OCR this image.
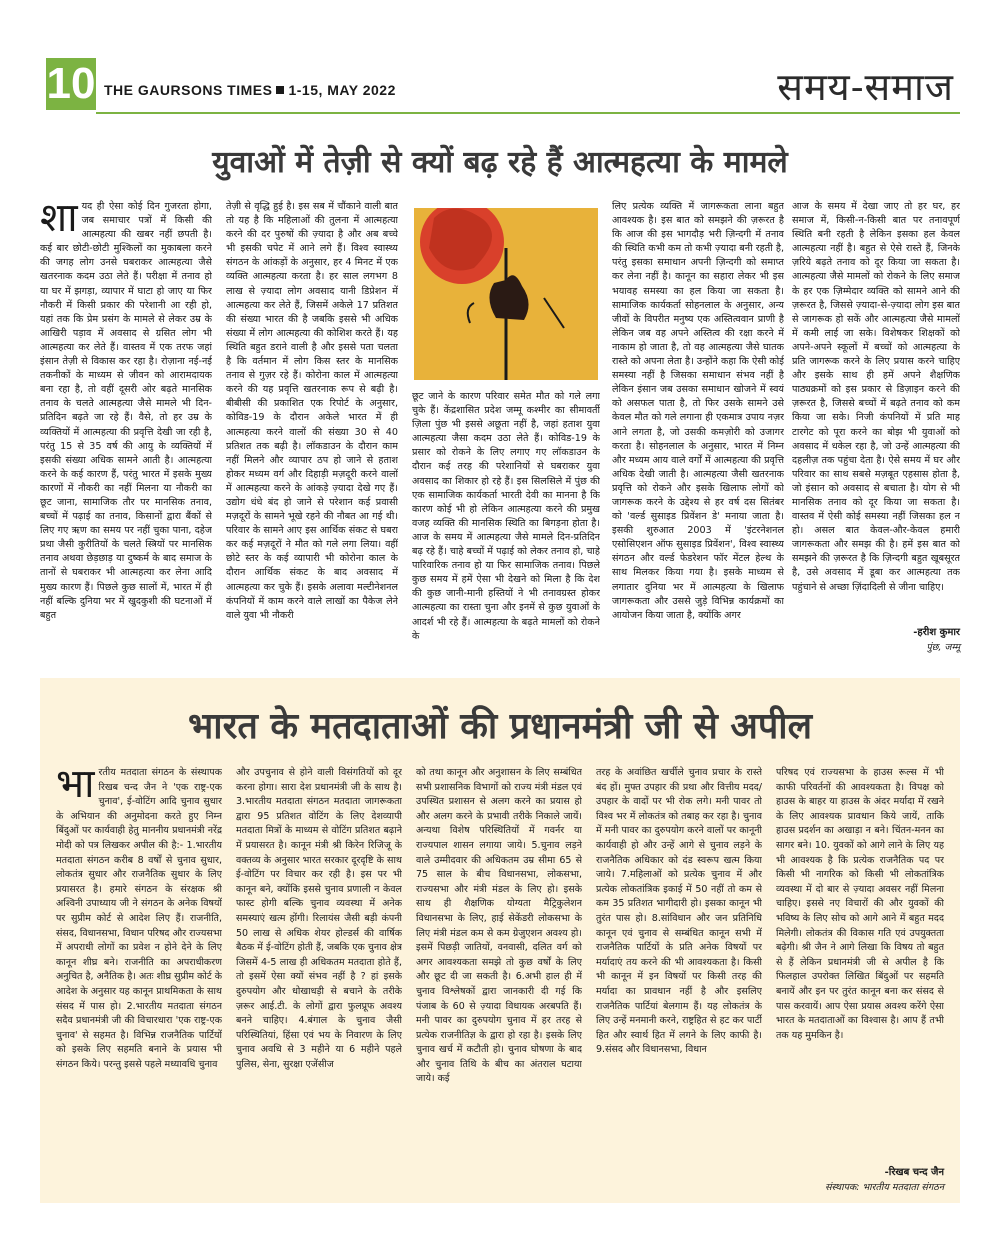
10 THE GAURSONS TIMES 1-15, MAY 2022	समय-समाज
युवाओं में तेज़ी से क्यों बढ़ रहे हैं आत्महत्या के मामले
शायद ही ऐसा कोई दिन गुजरता होगा, जब समाचार पत्रों में किसी की आत्महत्या की खबर नहीं छपती है। कई बार छोटी-छोटी मुश्किलों का मुकाबला करने की जगह लोग उनसे घबराकर आत्महत्या जैसे खतरनाक कदम उठा लेते हैं। परीक्षा में तनाव हो या घर में झगड़ा, व्यापार में घाटा हो जाए या फिर नौकरी में किसी प्रकार की परेशानी आ रही हो, यहां तक कि प्रेम प्रसंग के मामले से लेकर उम्र के आखिरी पड़ाव में अवसाद से ग्रसित लोग भी आत्महत्या कर लेते हैं। वास्तव में एक तरफ जहां इंसान तेज़ी से विकास कर रहा है। रोज़ाना नई-नई तकनीकों के माध्यम से जीवन को आरामदायक बना रहा है, तो वहीं दूसरी ओर बढ़ते मानसिक तनाव के चलते आत्महत्या जैसे मामले भी दिन-प्रतिदिन बढ़ते जा रहे हैं। वैसे, तो हर उम्र के व्यक्तियों में आत्महत्या की प्रवृत्ति देखी जा रही है, परंतु 15 से 35 वर्ष की आयु के व्यक्तियों में इसकी संख्या अधिक सामने आती है। आत्महत्या करने के कई कारण हैं, परंतु भारत में इसके मुख्य कारणों में नौकरी का नहीं मिलना या नौकरी का छूट जाना, सामाजिक तौर पर मानसिक तनाव, बच्चों में पढ़ाई का तनाव, किसानों द्वारा बैंकों से लिए गए ऋण का समय पर नहीं चुका पाना, दहेज प्रथा जैसी कुरीतियों के चलते स्त्रियों पर मानसिक तनाव अथवा छेड़छाड़ या दुष्कर्म के बाद समाज के तानों से घबराकर भी आत्महत्या कर लेना आदि मुख्य कारण हैं। पिछले कुछ सालों में, भारत में ही नहीं बल्कि दुनिया भर में खुदकुशी की घटनाओं में बहुत
तेज़ी से वृद्धि हुई है। इस सब में चौंकाने वाली बात तो यह है कि महिलाओं की तुलना में आत्महत्या करने की दर पुरुषों की ज़्यादा है और अब बच्चे भी इसकी चपेट में आने लगे हैं। विश्व स्वास्थ्य संगठन के आंकड़ों के अनुसार, हर 4 मिनट में एक व्यक्ति आत्महत्या करता है। हर साल लगभग 8 लाख से ज़्यादा लोग अवसाद यानी डिप्रेशन में आत्महत्या कर लेते हैं, जिसमें अकेले 17 प्रतिशत की संख्या भारत की है जबकि इससे भी अधिक संख्या में लोग आत्महत्या की कोशिश करते हैं। यह स्थिति बहुत डराने वाली है और इससे पता चलता है कि वर्तमान में लोग किस स्तर के मानसिक तनाव से गुज़र रहे हैं। कोरोना काल में आत्महत्या करने की यह प्रवृत्ति खतरनाक रूप से बढ़ी है। बीबीसी की प्रकाशित एक रिपोर्ट के अनुसार, कोविड-19 के दौरान अकेले भारत में ही आत्महत्या करने वालों की संख्या 30 से 40 प्रतिशत तक बढ़ी है। लॉकडाउन के दौरान काम नहीं मिलने और व्यापार ठप हो जाने से हताश होकर मध्यम वर्ग और दिहाड़ी मज़दूरी करने वालों में आत्महत्या करने के आंकड़े ज़्यादा देखे गए हैं। उद्योग धंधे बंद हो जाने से परेशान कई प्रवासी मज़दूरों के सामने भूखे रहने की नौबत आ गई थी। परिवार के सामने आए इस आर्थिक संकट से घबरा कर कई मज़दूरों ने मौत को गले लगा लिया। वहीं छोटे स्तर के कई व्यापारी भी कोरोना काल के दौरान आर्थिक संकट के बाद अवसाद में आत्महत्या कर चुके हैं। इसके अलावा मल्टीनेशनल कंपनियों में काम करने वाले लाखों का पैकेज लेने वाले युवा भी नौकरी
छूट जाने के कारण परिवार समेत मौत को गले लगा चुके हैं। केंद्रशासित प्रदेश जम्मू कश्मीर का सीमावर्ती ज़िला पुंछ भी इससे अछूता नहीं है, जहां हताश युवा आत्महत्या जैसा कदम उठा लेते हैं। कोविड-19 के प्रसार को रोकने के लिए लगाए गए लॉकडाउन के दौरान कई तरह की परेशानियों से घबराकर युवा अवसाद का शिकार हो रहे हैं। इस सिलसिले में पुंछ की एक सामाजिक कार्यकर्ता भारती देवी का मानना है कि कारण कोई भी हो लेकिन आत्महत्या करने की प्रमुख वजह व्यक्ति की मानसिक स्थिति का बिगड़ना होता है। आज के समय में आत्महत्या जैसे मामले दिन-प्रतिदिन बढ़ रहे हैं। चाहे बच्चों में पढ़ाई को लेकर तनाव हो, चाहे पारिवारिक तनाव हो या फिर सामाजिक तनाव। पिछले कुछ समय में हमें ऐसा भी देखने को मिला है कि देश की कुछ जानी-मानी हस्तियों ने भी तनावग्रस्त होकर आत्महत्या का रास्ता चुना और इनमें से कुछ युवाओं के आदर्श भी रहे हैं। आत्महत्या के बढ़ते मामलों को रोकने के
लिए प्रत्येक व्यक्ति में जागरूकता लाना बहुत आवश्यक है। इस बात को समझने की ज़रूरत है कि आज की इस भागदौड़ भरी ज़िन्दगी में तनाव की स्थिति कभी कम तो कभी ज़्यादा बनी रहती है, परंतु इसका समाधान अपनी ज़िन्दगी को समाप्त कर लेना नहीं है। कानून का सहारा लेकर भी इस भयावह समस्या का हल किया जा सकता है। सामाजिक कार्यकर्ता सोहनलाल के अनुसार, अन्य जीवों के विपरीत मनुष्य एक अस्तित्ववान प्राणी है लेकिन जब वह अपने अस्तित्व की रक्षा करने में नाकाम हो जाता है, तो वह आत्महत्या जैसे घातक रास्ते को अपना लेता है। उन्होंने कहा कि ऐसी कोई समस्या नहीं है जिसका समाधान संभव नहीं है लेकिन इंसान जब उसका समाधान खोजने में स्वयं को असफल पाता है, तो फिर उसके सामने उसे केवल मौत को गले लगाना ही एकमात्र उपाय नज़र आने लगता है, जो उसकी कमज़ोरी को उजागर करता है। सोहनलाल के अनुसार, भारत में निम्न और मध्यम आय वाले वर्गों में आत्महत्या की प्रवृत्ति अधिक देखी जाती है। आत्महत्या जैसी खतरनाक प्रवृत्ति को रोकने और इसके खिलाफ लोगों को जागरूक करने के उद्देश्य से हर वर्ष दस सितंबर को 'वर्ल्ड सुसाइड प्रिवेंशन डे' मनाया जाता है। इसकी शुरुआत 2003 में 'इंटरनेशनल एसोसिएशन ऑफ सुसाइड प्रिवेंशन', विश्व स्वास्थ्य संगठन और वर्ल्ड फेडरेशन फॉर मेंटल हेल्थ के साथ मिलकर किया गया है। इसके माध्यम से लगातार दुनिया भर में आत्महत्या के खिलाफ जागरूकता और उससे जुड़े विभिन्न कार्यक्रमों का आयोजन किया जाता है, क्योंकि अगर
आज के समय में देखा जाए तो हर घर, हर समाज में, किसी-न-किसी बात पर तनावपूर्ण स्थिति बनी रहती है लेकिन इसका हल केवल आत्महत्या नहीं है। बहुत से ऐसे रास्ते हैं, जिनके ज़रिये बढ़ते तनाव को दूर किया जा सकता है। आत्महत्या जैसे मामलों को रोकने के लिए समाज के हर एक ज़िम्मेदार व्यक्ति को सामने आने की ज़रूरत है, जिससे ज़्यादा-से-ज़्यादा लोग इस बात से जागरूक हो सकें और आत्महत्या जैसे मामलों में कमी लाई जा सके। विशेषकर शिक्षकों को अपने-अपने स्कूलों में बच्चों को आत्महत्या के प्रति जागरूक करने के लिए प्रयास करने चाहिए और इसके साथ ही हमें अपने शैक्षणिक पाठ्यक्रमों को इस प्रकार से डिज़ाइन करने की ज़रूरत है, जिससे बच्चों में बढ़ते तनाव को कम किया जा सके। निजी कंपनियों में प्रति माह टारगेट को पूरा करने का बोझ भी युवाओं को अवसाद में धकेल रहा है, जो उन्हें आत्महत्या की दहलीज़ तक पहुंचा देता है। ऐसे समय में घर और परिवार का साथ सबसे मज़बूत एहसास होता है, जो इंसान को अवसाद से बचाता है। योग से भी मानसिक तनाव को दूर किया जा सकता है। वास्तव में ऐसी कोई समस्या नहीं जिसका हल न हो। असल बात केवल-और-केवल हमारी जागरूकता और समझ की है। हमें इस बात को समझने की ज़रूरत है कि ज़िन्दगी बहुत खूबसूरत है, उसे अवसाद में डूबा कर आत्महत्या तक पहुंचाने से अच्छा ज़िंदादिली से जीना चाहिए।
-हरीश कुमार
पुंछ, जम्मू
भारत के मतदाताओं की प्रधानमंत्री जी से अपील
भारतीय मतदाता संगठन के संस्थापक रिखब चन्द जैन ने 'एक राष्ट्र-एक चुनाव', ई-वोटिंग आदि चुनाव सुधार के अभियान की अनुमोदना करते हुए निम्न बिंदुओं पर कार्यवाही हेतु माननीय प्रधानमंत्री नरेंद्र मोदी को पत्र लिखकर अपील की है:- 1.भारतीय मतदाता संगठन करीब 8 वर्षों से चुनाव सुधार, लोकतंत्र सुधार और राजनैतिक सुधार के लिए प्रयासरत है। हमारे संगठन के संरक्षक श्री अश्विनी उपाध्याय जी ने संगठन के अनेक विषयों पर सुप्रीम कोर्ट से आदेश लिए हैं। राजनीति, संसद, विधानसभा, विधान परिषद और राज्यसभा में अपराधी लोगों का प्रवेश न होने देने के लिए कानून शीघ्र बने। राजनीति का अपराधीकरण अनुचित है, अनैतिक है। अतः शीघ्र सुप्रीम कोर्ट के आदेश के अनुसार यह कानून प्राथमिकता के साथ संसद में पास हो। 2.भारतीय मतदाता संगठन सदैव प्रधानमंत्री जी की विचारधारा 'एक राष्ट्र-एक चुनाव' से सहमत है। विभिन्न राजनैतिक पार्टियों को इसके लिए सहमति बनाने के प्रयास भी संगठन किये। परन्तु इससे पहले मध्यावधि चुनाव
और उपचुनाव से होने वाली विसंगतियों को दूर करना होगा। सारा देश प्रधानमंत्री जी के साथ है। 3.भारतीय मतदाता संगठन मतदाता जागरूकता द्वारा 95 प्रतिशत वोटिंग के लिए देशव्यापी मतदाता मित्रों के माध्यम से वोटिंग प्रतिशत बढ़ाने में प्रयासरत है। कानून मंत्री श्री किरेन रिजिजू के वक्तव्य के अनुसार भारत सरकार दूरदृष्टि के साथ ई-वोटिंग पर विचार कर रही है। इस पर भी कानून बने, क्योंकि इससे चुनाव प्रणाली न केवल फास्ट होगी बल्कि चुनाव व्यवस्था में अनेक समस्याएं खत्म होंगी। रिलायंस जैसी बड़ी कंपनी 50 लाख से अधिक शेयर होल्डर्स की वार्षिक बैठक में ई-वोटिंग होती हैं, जबकि एक चुनाव क्षेत्र जिसमें 4-5 लाख ही अधिकतम मतदाता होते हैं, तो इसमें ऐसा क्यों संभव नहीं है ? हां इसके दुरुपयोग और धोखाधड़ी से बचाने के तरीके ज़रूर आई.टी. के लोगों द्वारा फुलप्रूफ अवश्य बनने चाहिए। 4.बंगाल के चुनाव जैसी परिस्थितियां, हिंसा एवं भय के निवारण के लिए चुनाव अवधि से 3 महीने या 6 महीने पहले पुलिस, सेना, सुरक्षा एजेंसीज
को तथा कानून और अनुशासन के लिए सम्बंधित सभी प्रशासनिक विभागों को राज्य मंत्री मंडल एवं उपस्थित प्रशासन से अलग करने का प्रयास हो और अलग करने के प्रभावी तरीके निकाले जायें। अन्यथा विशेष परिस्थितियों में गवर्नर या राज्यपाल शासन लगाया जाये। 5.चुनाव लड़ने वाले उम्मीदवार की अधिकतम उम्र सीमा 65 से 75 साल के बीच विधानसभा, लोकसभा, राज्यसभा और मंत्री मंडल के लिए हो। इसके साथ ही शैक्षणिक योग्यता मैट्रिकुलेशन विधानसभा के लिए, हाई सेकेंडरी लोकसभा के लिए मंत्री मंडल कम से कम ग्रेजुएशन अवश्य हो। इसमें पिछड़ी जातियों, वनवासी, दलित वर्ग को अगर आवश्यकता समझे तो कुछ वर्षों के लिए और छूट दी जा सकती है। 6.अभी हाल ही में चुनाव विश्लेषकों द्वारा जानकारी दी गई कि पंजाब के 60 से ज़्यादा विधायक अरबपति हैं। मनी पावर का दुरुपयोग चुनाव में हर तरह से प्रत्येक राजनीतिज्ञ के द्वारा हो रहा है। इसके लिए चुनाव खर्च में कटौती हो। चुनाव घोषणा के बाद और चुनाव तिथि के बीच का अंतराल घटाया जाये। कई
तरह के अवांछित खर्चीले चुनाव प्रचार के रास्ते बंद हों। मुफ्त उपहार की प्रथा और वित्तीय मदद/उपहार के वादों पर भी रोक लगे। मनी पावर तो विश्व भर में लोकतंत्र को तबाह कर रहा है। चुनाव में मनी पावर का दुरुपयोग करने वालों पर कानूनी कार्यवाही हो और उन्हें आगे से चुनाव लड़ने के राजनैतिक अधिकार को दंड स्वरूप खत्म किया जाये। 7.महिलाओं को प्रत्येक चुनाव में और प्रत्येक लोकतांत्रिक इकाई में 50 नहीं तो कम से कम 35 प्रतिशत भागीदारी हो। इसका कानून भी तुरंत पास हो। 8.सांविधान और जन प्रतिनिधि कानून एवं चुनाव से सम्बंधित कानून सभी में राजनैतिक पार्टियों के प्रति अनेक विषयों पर मर्यादाएं तय करने की भी आवश्यकता है। किसी भी कानून में इन विषयों पर किसी तरह की मर्यादा का प्रावधान नहीं है और इसलिए राजनैतिक पार्टियां बेलगाम हैं। यह लोकतंत्र के लिए उन्हें मनमानी करने, राष्ट्रहित से हट कर पार्टी हित और स्वार्थ हित में लगने के लिए काफी है। 9.संसद और विधानसभा, विधान
परिषद एवं राज्यसभा के हाउस रूल्स में भी काफी परिवर्तनों की आवश्यकता है। विपक्ष को हाउस के बाहर या हाउस के अंदर मर्यादा में रखने के लिए आवश्यक प्रावधान किये जायें, ताकि हाउस प्रदर्शन का अखाड़ा न बने। चिंतन-मनन का सागर बने। 10. युवकों को आगे लाने के लिए यह भी आवश्यक है कि प्रत्येक राजनैतिक पद पर किसी भी नागरिक को किसी भी लोकतांत्रिक व्यवस्था में दो बार से ज़्यादा अवसर नहीं मिलना चाहिए। इससे नए विचारों की और युवकों की भविष्य के लिए सोच को आगे आने में बहुत मदद मिलेगी। लोकतंत्र की विकास गति एवं उपयुक्तता बढ़ेगी। श्री जैन ने आगे लिखा कि विषय तो बहुत से हैं लेकिन प्रधानमंत्री जी से अपील है कि फिलहाल उपरोक्त लिखित बिंदुओं पर सहमति बनायें और इन पर तुरंत कानून बना कर संसद से पास करवायें। आप ऐसा प्रयास अवश्य करेंगे ऐसा भारत के मतदाताओं का विश्वास है। आप हैं तभी तक यह मुमकिन है।
-रिखब चन्द जैन
संस्थापक: भारतीय मतदाता संगठन
